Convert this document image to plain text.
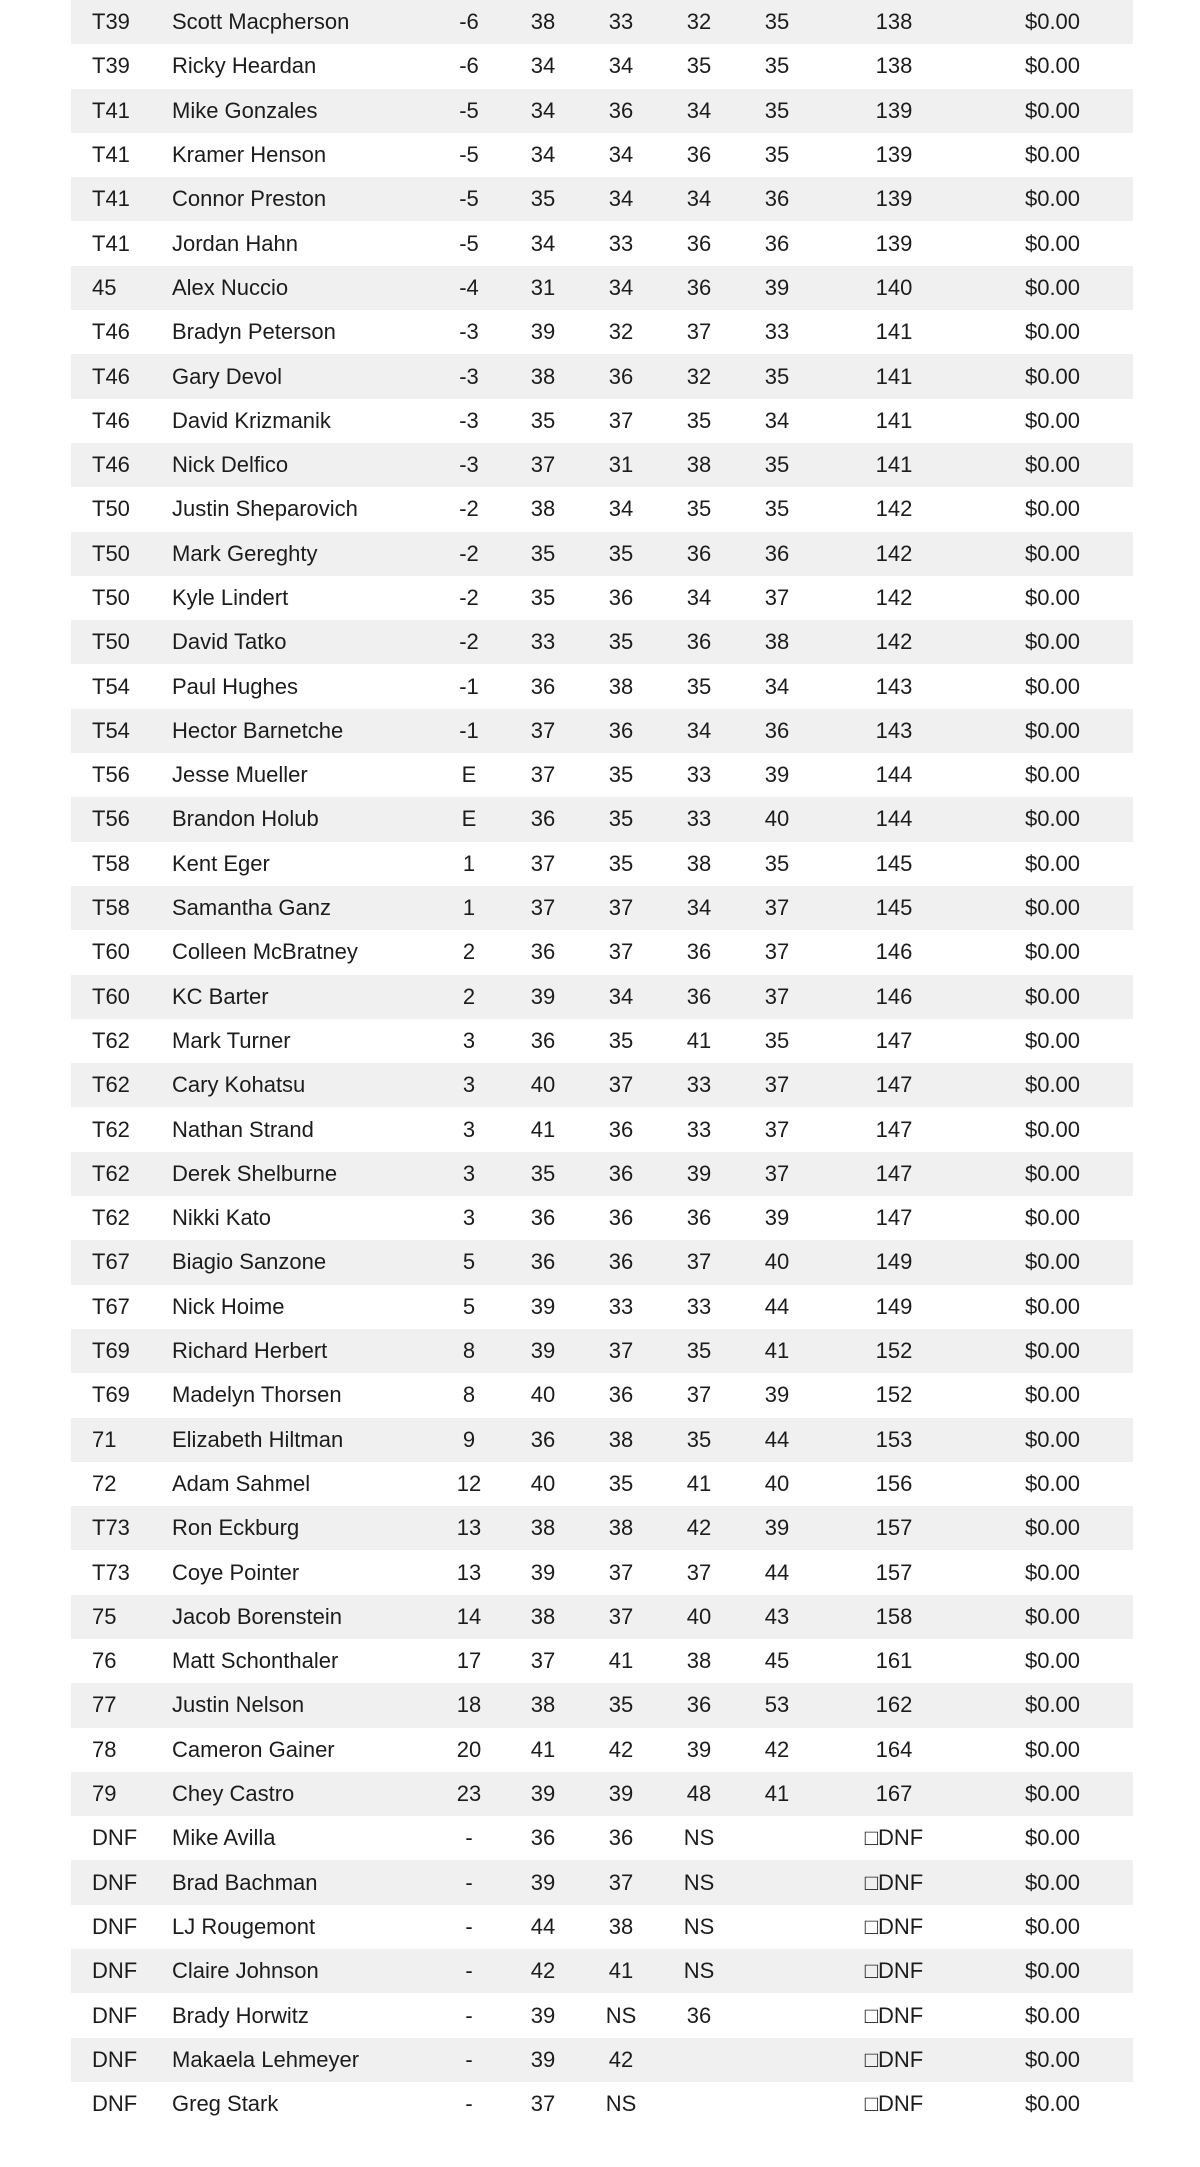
T39	Scott Macpherson	-6	38	33	32	35	138	$0.00
T39	Ricky Heardan	-6	34	34	35	35	138	$0.00
T41	Mike Gonzales	-5	34	36	34	35	139	$0.00
T41	Kramer Henson	-5	34	34	36	35	139	$0.00
T41	Connor Preston	-5	35	34	34	36	139	$0.00
T41	Jordan Hahn	-5	34	33	36	36	139	$0.00
45	Alex Nuccio	-4	31	34	36	39	140	$0.00
T46	Bradyn Peterson	-3	39	32	37	33	141	$0.00
T46	Gary Devol	-3	38	36	32	35	141	$0.00
T46	David Krizmanik	-3	35	37	35	34	141	$0.00
T46	Nick Delfico	-3	37	31	38	35	141	$0.00
T50	Justin Sheparovich	-2	38	34	35	35	142	$0.00
T50	Mark Gereghty	-2	35	35	36	36	142	$0.00
T50	Kyle Lindert	-2	35	36	34	37	142	$0.00
T50	David Tatko	-2	33	35	36	38	142	$0.00
T54	Paul Hughes	-1	36	38	35	34	143	$0.00
T54	Hector Barnetche	-1	37	36	34	36	143	$0.00
T56	Jesse Mueller	E	37	35	33	39	144	$0.00
T56	Brandon Holub	E	36	35	33	40	144	$0.00
T58	Kent Eger	1	37	35	38	35	145	$0.00
T58	Samantha Ganz	1	37	37	34	37	145	$0.00
T60	Colleen McBratney	2	36	37	36	37	146	$0.00
T60	KC Barter	2	39	34	36	37	146	$0.00
T62	Mark Turner	3	36	35	41	35	147	$0.00
T62	Cary Kohatsu	3	40	37	33	37	147	$0.00
T62	Nathan Strand	3	41	36	33	37	147	$0.00
T62	Derek Shelburne	3	35	36	39	37	147	$0.00
T62	Nikki Kato	3	36	36	36	39	147	$0.00
T67	Biagio Sanzone	5	36	36	37	40	149	$0.00
T67	Nick Hoime	5	39	33	33	44	149	$0.00
T69	Richard Herbert	8	39	37	35	41	152	$0.00
T69	Madelyn Thorsen	8	40	36	37	39	152	$0.00
71	Elizabeth Hiltman	9	36	38	35	44	153	$0.00
72	Adam Sahmel	12	40	35	41	40	156	$0.00
T73	Ron Eckburg	13	38	38	42	39	157	$0.00
T73	Coye Pointer	13	39	37	37	44	157	$0.00
75	Jacob Borenstein	14	38	37	40	43	158	$0.00
76	Matt Schonthaler	17	37	41	38	45	161	$0.00
77	Justin Nelson	18	38	35	36	53	162	$0.00
78	Cameron Gainer	20	41	42	39	42	164	$0.00
79	Chey Castro	23	39	39	48	41	167	$0.00
DNF	Mike Avilla	-	36	36	NS		□DNF	$0.00
DNF	Brad Bachman	-	39	37	NS		□DNF	$0.00
DNF	LJ Rougemont	-	44	38	NS		□DNF	$0.00
DNF	Claire Johnson	-	42	41	NS		□DNF	$0.00
DNF	Brady Horwitz	-	39	NS	36		□DNF	$0.00
DNF	Makaela Lehmeyer	-	39	42			□DNF	$0.00
DNF	Greg Stark	-	37	NS			□DNF	$0.00
